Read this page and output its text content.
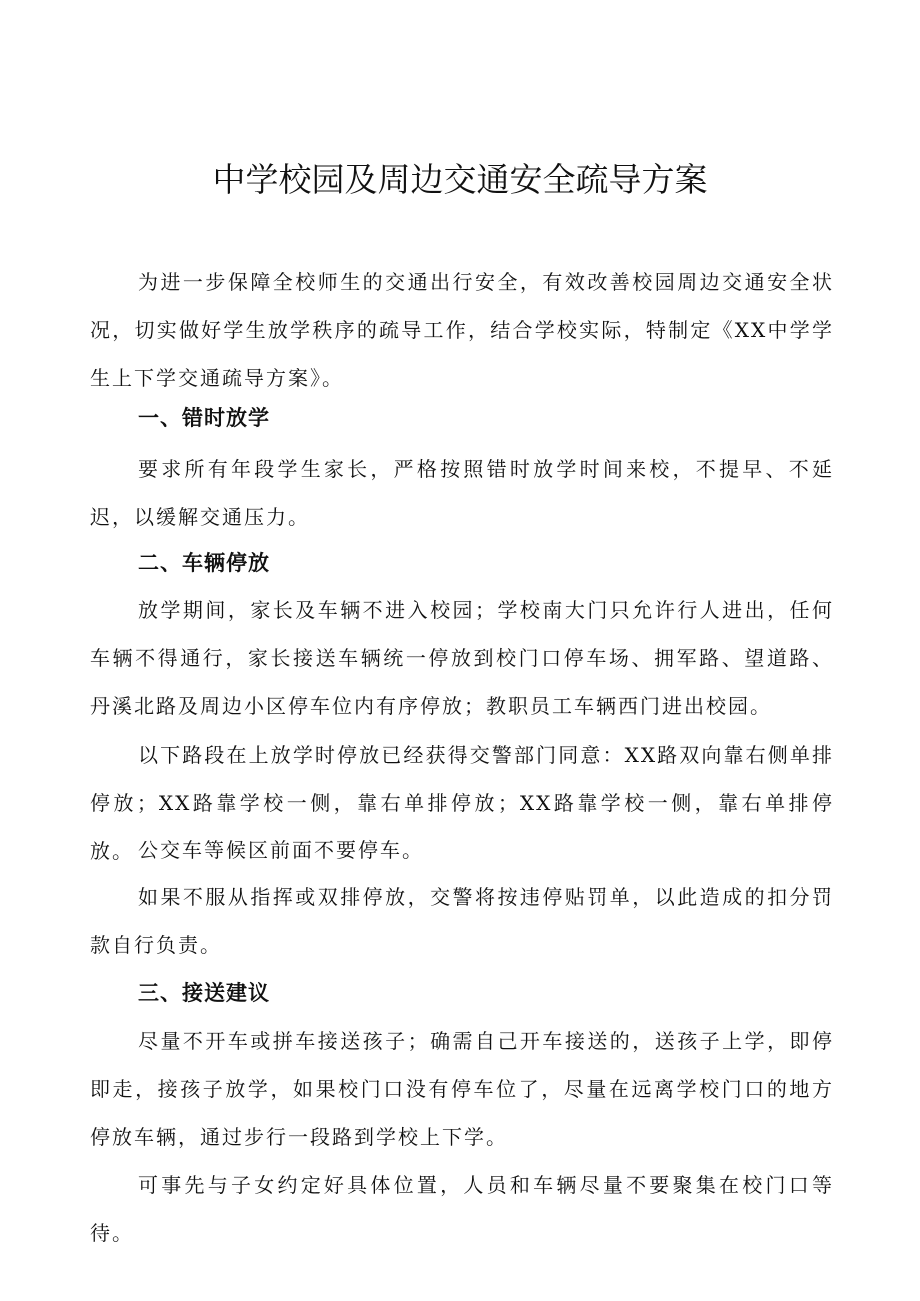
中学校园及周边交通安全疏导方案

为进一步保障全校师生的交通出行安全，有效改善校园周边交通安全状况，切实做好学生放学秩序的疏导工作，结合学校实际，特制定《XX中学学生上下学交通疏导方案》。

一、错时放学

要求所有年段学生家长，严格按照错时放学时间来校，不提早、不延迟，以缓解交通压力。

二、车辆停放

放学期间，家长及车辆不进入校园；学校南大门只允许行人进出，任何车辆不得通行，家长接送车辆统一停放到校门口停车场、拥军路、望道路、丹溪北路及周边小区停车位内有序停放；教职员工车辆西门进出校园。

以下路段在上放学时停放已经获得交警部门同意：XX路双向靠右侧单排停放；XX路靠学校一侧，靠右单排停放；XX路靠学校一侧，靠右单排停放。 公交车等候区前面不要停车。

如果不服从指挥或双排停放，交警将按违停贴罚单，以此造成的扣分罚款自行负责。

三、接送建议

尽量不开车或拼车接送孩子；确需自己开车接送的，送孩子上学，即停即走，接孩子放学，如果校门口没有停车位了，尽量在远离学校门口的地方停放车辆，通过步行一段路到学校上下学。

可事先与子女约定好具体位置，人员和车辆尽量不要聚集在校门口等待。
